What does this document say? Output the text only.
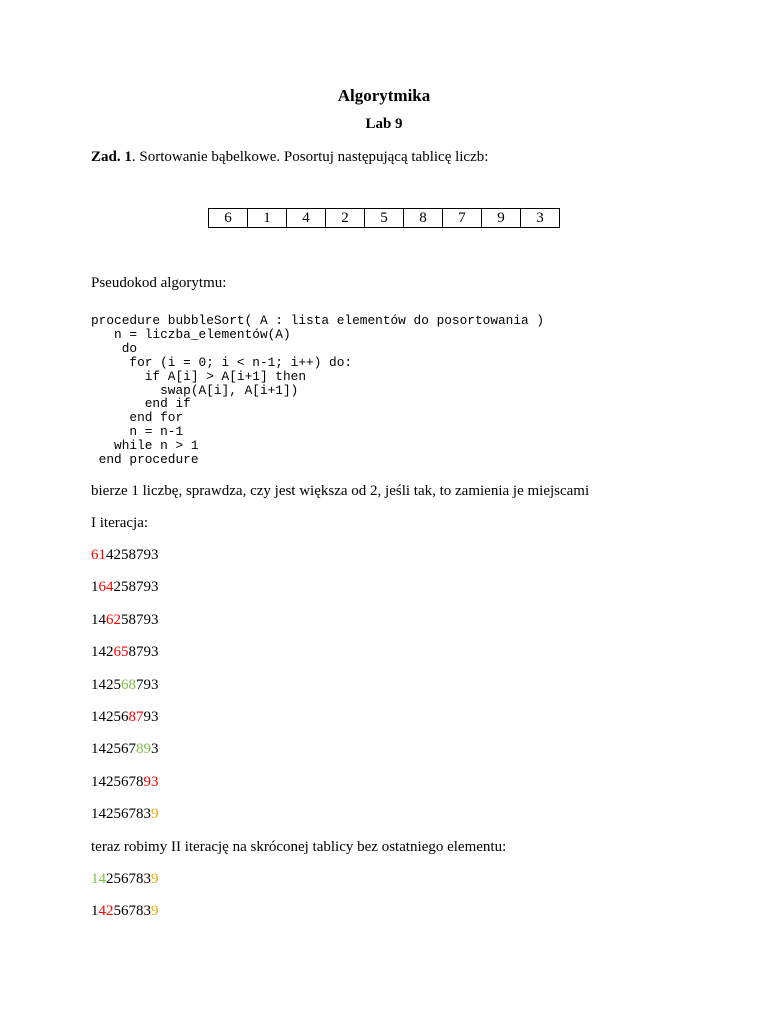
Algorytmika
Lab 9
Zad. 1. Sortowanie bąbelkowe. Posortuj następującą tablicę liczb:
6	1	4	2	5	8	7	9	3
Pseudokod algorytmu:
procedure bubbleSort( A : lista elementów do posortowania )
n = liczba_elementów(A)
do
for (i = 0; i < n-1; i++) do:
if A[i] > A[i+1] then
swap(A[i], A[i+1])
end if
end for
n = n-1
while n > 1
end procedure
bierze 1 liczbę, sprawdza, czy jest większa od 2, jeśli tak, to zamienia je miejscami
I iteracja:
614258793
164258793
146258793
142658793
142568793
142568793
142567893
142567893
142567839
teraz robimy II iterację na skróconej tablicy bez ostatniego elementu:
142567839
142567839
